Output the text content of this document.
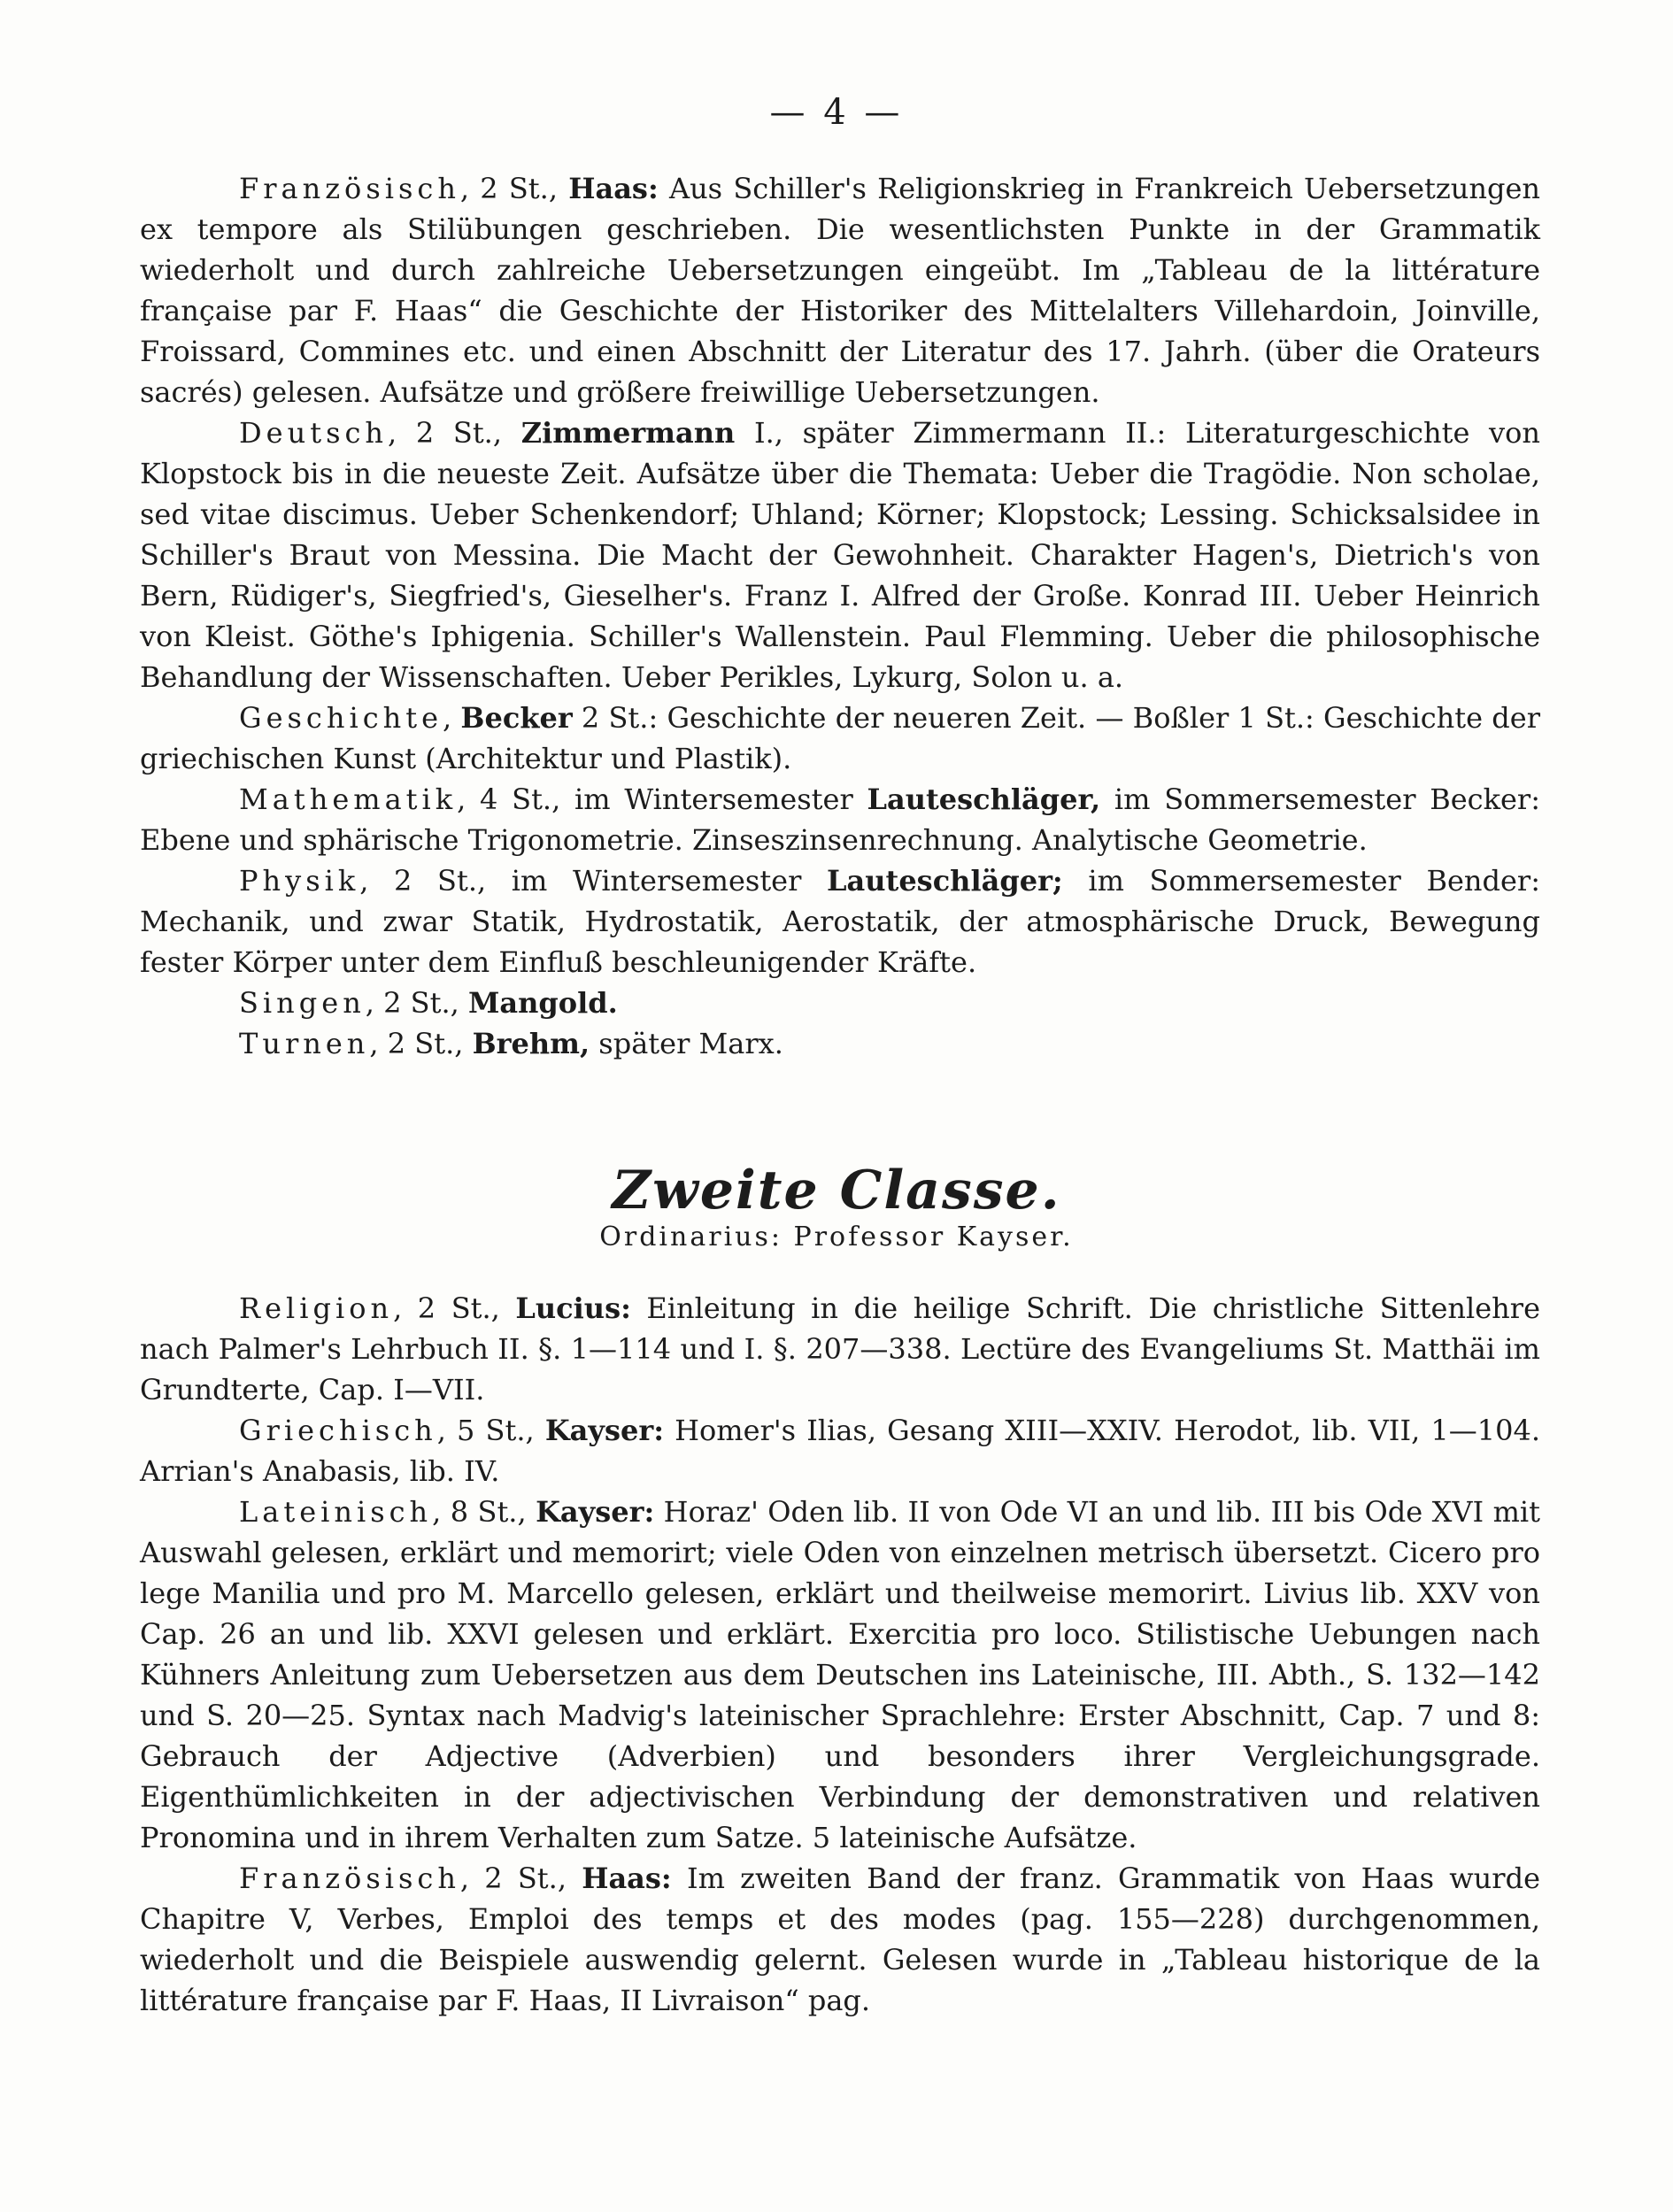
— 4 —

Französisch, 2 St., Haas: Aus Schiller's Religionskrieg in Frankreich Uebersetzungen ex tempore als Stilübungen geschrieben. Die wesentlichsten Punkte in der Grammatik wiederholt und durch zahlreiche Uebersetzungen eingeübt. Im „Tableau de la littérature française par F. Haas“ die Geschichte der Historiker des Mittelalters Villehardoin, Joinville, Froissard, Commines etc. und einen Abschnitt der Literatur des 17. Jahrh. (über die Orateurs sacrés) gelesen. Aufsätze und größere freiwillige Uebersetzungen.

Deutsch, 2 St., Zimmermann I., später Zimmermann II.: Literaturgeschichte von Klopstock bis in die neueste Zeit. Aufsätze über die Themata: Ueber die Tragödie. Non scholae, sed vitae discimus. Ueber Schenkendorf; Uhland; Körner; Klopstock; Lessing. Schicksalsidee in Schiller's Braut von Messina. Die Macht der Gewohnheit. Charakter Hagen's, Dietrich's von Bern, Rüdiger's, Siegfried's, Gieselher's. Franz I. Alfred der Große. Konrad III. Ueber Heinrich von Kleist. Göthe's Iphigenia. Schiller's Wallenstein. Paul Flemming. Ueber die philosophische Behandlung der Wissenschaften. Ueber Perikles, Lykurg, Solon u. a.

Geschichte, Becker 2 St.: Geschichte der neueren Zeit. — Boßler 1 St.: Geschichte der griechischen Kunst (Architektur und Plastik).

Mathematik, 4 St., im Wintersemester Lauteschläger, im Sommersemester Becker: Ebene und sphärische Trigonometrie. Zinseszinsenrechnung. Analytische Geometrie.

Physik, 2 St., im Wintersemester Lauteschläger; im Sommersemester Bender: Mechanik, und zwar Statik, Hydrostatik, Aerostatik, der atmosphärische Druck, Bewegung fester Körper unter dem Einfluß beschleunigender Kräfte.

Singen, 2 St., Mangold.

Turnen, 2 St., Brehm, später Marx.

Zweite Classe.
Ordinarius: Professor Kayser.

Religion, 2 St., Lucius: Einleitung in die heilige Schrift. Die christliche Sittenlehre nach Palmer's Lehrbuch II. §. 1—114 und I. §. 207—338. Lectüre des Evangeliums St. Matthäi im Grundterte, Cap. I—VII.

Griechisch, 5 St., Kayser: Homer's Ilias, Gesang XIII—XXIV. Herodot, lib. VII, 1—104. Arrian's Anabasis, lib. IV.

Lateinisch, 8 St., Kayser: Horaz' Oden lib. II von Ode VI an und lib. III bis Ode XVI mit Auswahl gelesen, erklärt und memorirt; viele Oden von einzelnen metrisch übersetzt. Cicero pro lege Manilia und pro M. Marcello gelesen, erklärt und theilweise memorirt. Livius lib. XXV von Cap. 26 an und lib. XXVI gelesen und erklärt. Exercitia pro loco. Stilistische Uebungen nach Kühners Anleitung zum Uebersetzen aus dem Deutschen ins Lateinische, III. Abth., S. 132—142 und S. 20—25. Syntax nach Madvig's lateinischer Sprachlehre: Erster Abschnitt, Cap. 7 und 8: Gebrauch der Adjective (Adverbien) und besonders ihrer Vergleichungsgrade. Eigenthümlichkeiten in der adjectivischen Verbindung der demonstrativen und relativen Pronomina und in ihrem Verhalten zum Satze. 5 lateinische Aufsätze.

Französisch, 2 St., Haas: Im zweiten Band der franz. Grammatik von Haas wurde Chapitre V, Verbes, Emploi des temps et des modes (pag. 155—228) durchgenommen, wiederholt und die Beispiele auswendig gelernt. Gelesen wurde in „Tableau historique de la littérature française par F. Haas, II Livraison“ pag.
